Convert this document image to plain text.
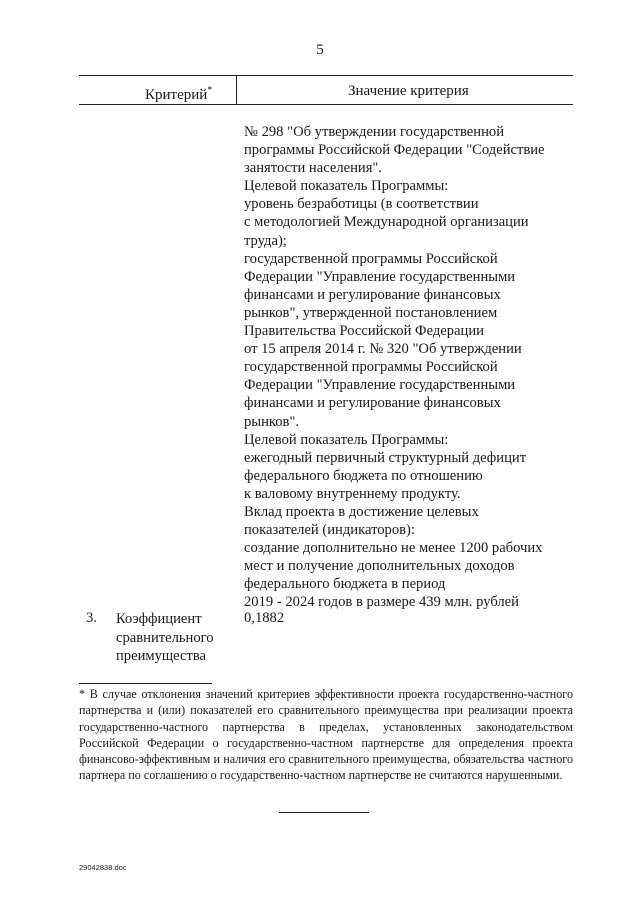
5
Критерий*	Значение критерия
№ 298 "Об утверждении государственной
программы Российской Федерации "Содействие
занятости населения".
Целевой показатель Программы:
уровень безработицы (в соответствии
с методологией Международной организации
труда);
государственной программы Российской
Федерации "Управление государственными
финансами и регулирование финансовых
рынков", утвержденной постановлением
Правительства Российской Федерации
от 15 апреля 2014 г. № 320 "Об утверждении
государственной программы Российской
Федерации "Управление государственными
финансами и регулирование финансовых
рынков".
Целевой показатель Программы:
ежегодный первичный структурный дефицит
федерального бюджета по отношению
к валовому внутреннему продукту.
Вклад проекта в достижение целевых
показателей (индикаторов):
создание дополнительно не менее 1200 рабочих
мест и получение дополнительных доходов
федерального бюджета в период
2019 - 2024 годов в размере 439 млн. рублей
3. Коэффициент
сравнительного
преимущества
0,1882
* В случае отклонения значений критериев эффективности проекта государственно-частного партнерства и (или) показателей его сравнительного преимущества при реализации проекта государственно-частного партнерства в пределах, установленных законодательством Российской Федерации о государственно-частном партнерстве для определения проекта финансово-эффективным и наличия его сравнительного преимущества, обязательства частного партнера по соглашению о государственно-частном партнерстве не считаются нарушенными.
29042838.doc
